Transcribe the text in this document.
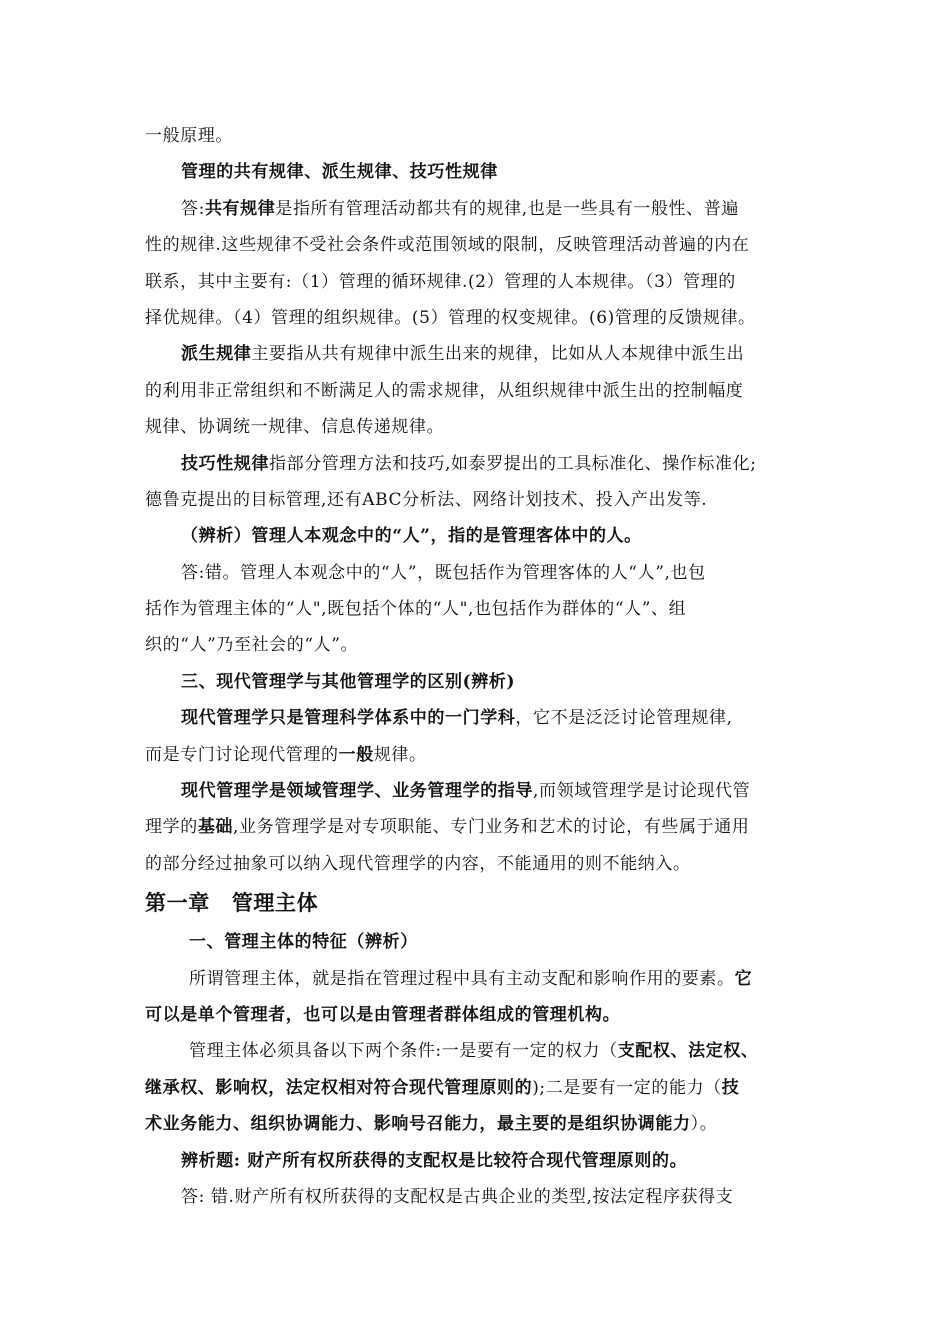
一般原理。
管理的共有规律、派生规律、技巧性规律
答:共有规律是指所有管理活动都共有的规律,也是一些具有一般性、普遍
性的规律.这些规律不受社会条件或范围领域的限制，反映管理活动普遍的内在
联系，其中主要有:（1）管理的循环规律.(2）管理的人本规律。（3）管理的
择优规律。（4）管理的组织规律。(5）管理的权变规律。(6)管理的反馈规律。
派生规律主要指从共有规律中派生出来的规律，比如从人本规律中派生出
的利用非正常组织和不断满足人的需求规律，从组织规律中派生出的控制幅度
规律、协调统一规律、信息传递规律。
技巧性规律指部分管理方法和技巧,如泰罗提出的工具标准化、操作标准化;
德鲁克提出的目标管理,还有ABC分析法、网络计划技术、投入产出发等.
（辨析）管理人本观念中的“人”，指的是管理客体中的人。
答:错。管理人本观念中的“人”，既包括作为管理客体的人“人”,也包
括作为管理主体的“人",既包括个体的“人",也包括作为群体的“人”、组
织的“人”乃至社会的“人”。
三、现代管理学与其他管理学的区别(辨析)
现代管理学只是管理科学体系中的一门学科，它不是泛泛讨论管理规律,
而是专门讨论现代管理的一般规律。
现代管理学是领域管理学、业务管理学的指导,而领域管理学是讨论现代管
理学的基础,业务管理学是对专项职能、专门业务和艺术的讨论，有些属于通用
的部分经过抽象可以纳入现代管理学的内容，不能通用的则不能纳入。
第一章 管理主体
一、管理主体的特征（辨析）
所谓管理主体，就是指在管理过程中具有主动支配和影响作用的要素。它
可以是单个管理者，也可以是由管理者群体组成的管理机构。
管理主体必须具备以下两个条件:一是要有一定的权力（支配权、法定权、
继承权、影响权，法定权相对符合现代管理原则的);二是要有一定的能力（技
术业务能力、组织协调能力、影响号召能力，最主要的是组织协调能力）。
辨析题: 财产所有权所获得的支配权是比较符合现代管理原则的。
答: 错.财产所有权所获得的支配权是古典企业的类型,按法定程序获得支
